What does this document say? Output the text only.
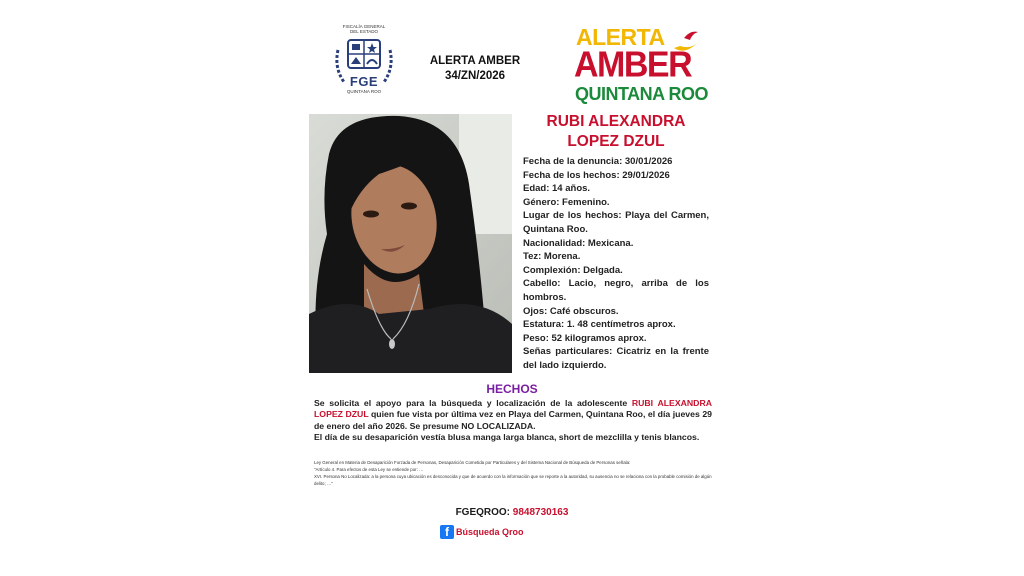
FISCALÍA GENERAL
DEL ESTADO
FGE
QUINTANA ROO
ALERTA AMBER
34/ZN/2026
ALERTA
AMBER
QUINTANA ROO
RUBI ALEXANDRA LOPEZ DZUL

Fecha de la denuncia: 30/01/2026

Fecha de los hechos: 29/01/2026

Edad: 14 años.

Género: Femenino.

Lugar de los hechos: Playa del Carmen, Quintana Roo.

Nacionalidad: Mexicana.

Tez: Morena.

Complexión: Delgada.

Cabello: Lacio, negro, arriba de los hombros.

Ojos: Café obscuros.

Estatura: 1. 48 centímetros aprox.

Peso: 52 kilogramos aprox.

Señas particulares: Cicatriz en la frente del lado izquierdo.

HECHOS

Se solicita el apoyo para la búsqueda y localización de la adolescente RUBI ALEXANDRA LOPEZ DZUL quien fue vista por última vez en Playa del Carmen, Quintana Roo, el día jueves 29 de enero del año 2026. Se presume NO LOCALIZADA.

El día de su desaparición vestía blusa manga larga blanca, short de mezclilla y tenis blancos.

Ley General en Materia de Desaparición Forzada de Personas, Desaparición Cometida por Particulares y del Sistema Nacional de Búsqueda de Personas señala:

"Artículo 4. Para efectos de esta Ley se entiende por: …

XVI. Persona No Localizada: a la persona cuya ubicación es desconocida y que de acuerdo con la información que se reporte a la autoridad, su ausencia no se relaciona con la probable comisión de algún delito; …"

FGEQROO: 9848730163
f Búsqueda Qroo
